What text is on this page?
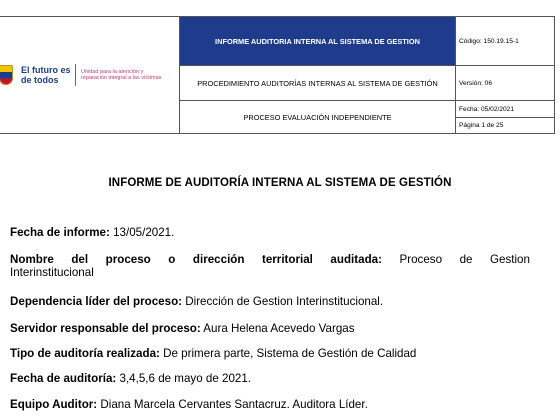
El futuro es de todos
Unidad para la atención y reparación integral a las víctimas	INFORME AUDITORIA INTERNA AL SISTEMA DE GESTION	Código: 150.19.15-1
	PROCEDIMIENTO AUDITORÍAS INTERNAS AL SISTEMA DE GESTIÓN	Versión: 06
	PROCESO EVALUACIÓN INDEPENDIENTE	Fecha: 05/02/2021
Página 1 de 25
INFORME DE AUDITORÍA INTERNA AL SISTEMA DE GESTIÓN
Fecha de informe: 13/05/2021.
Nombre del proceso o dirección territorial auditada: Proceso de Gestion
Interinstitucional
Dependencia líder del proceso: Dirección de Gestion Interinstitucional.
Servidor responsable del proceso: Aura Helena Acevedo Vargas
Tipo de auditoría realizada: De primera parte, Sistema de Gestión de Calidad
Fecha de auditoría: 3,4,5,6 de mayo de 2021.
Equipo Auditor: Diana Marcela Cervantes Santacruz. Auditora Líder.
